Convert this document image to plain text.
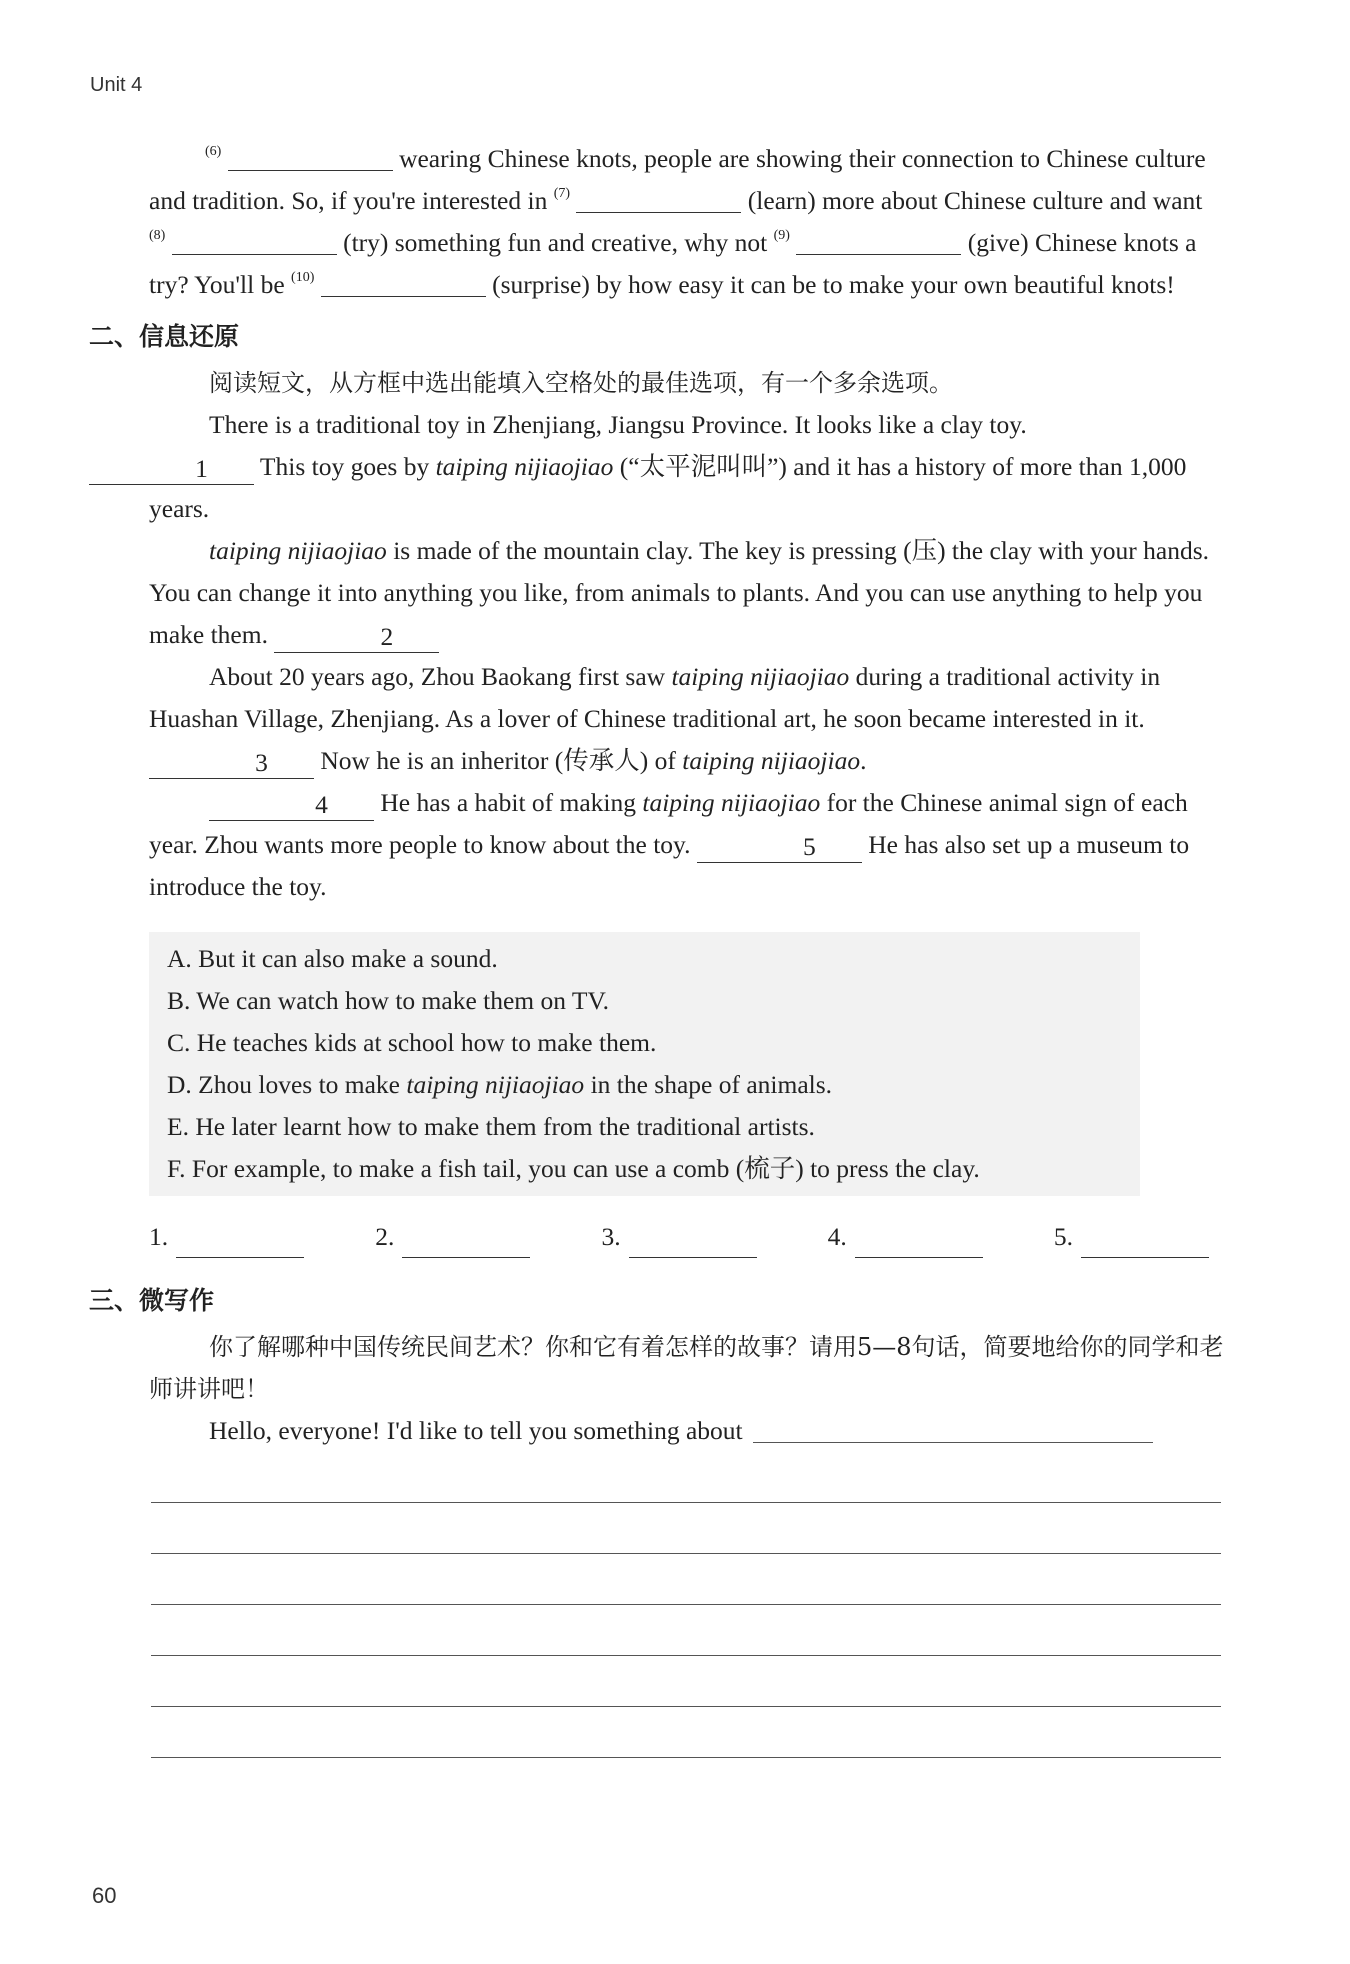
Unit 4

$^{(6)}$	wearing Chinese knots, people are showing their connection to Chinese culture and tradition. So, if you're interested in $^{(7)}$	(learn) more about Chinese culture and want $^{(8)}$	(try) something fun and creative, why not $^{(9)}$	(give) Chinese knots a try? You'll be $^{(10)}$	(surprise) by how easy it can be to make your own beautiful knots!

二、信息还原

阅读短文，从方框中选出能填入空格处的最佳选项，有一个多余选项。

There is a traditional toy in Zhenjiang, Jiangsu Province. It looks like a clay toy.
1 This toy goes by taiping nijiaojiao (“太平泥叫叫”) and it has a history of more than 1,000 years.

taiping nijiaojiao is made of the mountain clay. The key is pressing (压) the clay with your hands. You can change it into anything you like, from animals to plants. And you can use anything to help you make them.	2

About 20 years ago, Zhou Baokang first saw taiping nijiaojiao during a traditional activity in Huashan Village, Zhenjiang. As a lover of Chinese traditional art, he soon became interested in it. 3 Now he is an inheritor (传承人) of taiping nijiaojiao.

4 He has a habit of making taiping nijiaojiao for the Chinese animal sign of each year. Zhou wants more people to know about the toy.	5 He has also set up a museum to introduce the toy.

A. But it can also make a sound.

B. We can watch how to make them on TV.

C. He teaches kids at school how to make them.

D. Zhou loves to make taiping nijiaojiao in the shape of animals.

E. He later learnt how to make them from the traditional artists.

F. For example, to make a fish tail, you can use a comb (梳子) to press the clay.

1.	2.	3.	4.	5.
三、微写作

你了解哪种中国传统民间艺术？你和它有着怎样的故事？请用5—8句话，简要地给你的同学和老师讲讲吧！

Hello, everyone! I'd like to tell you something about

60
